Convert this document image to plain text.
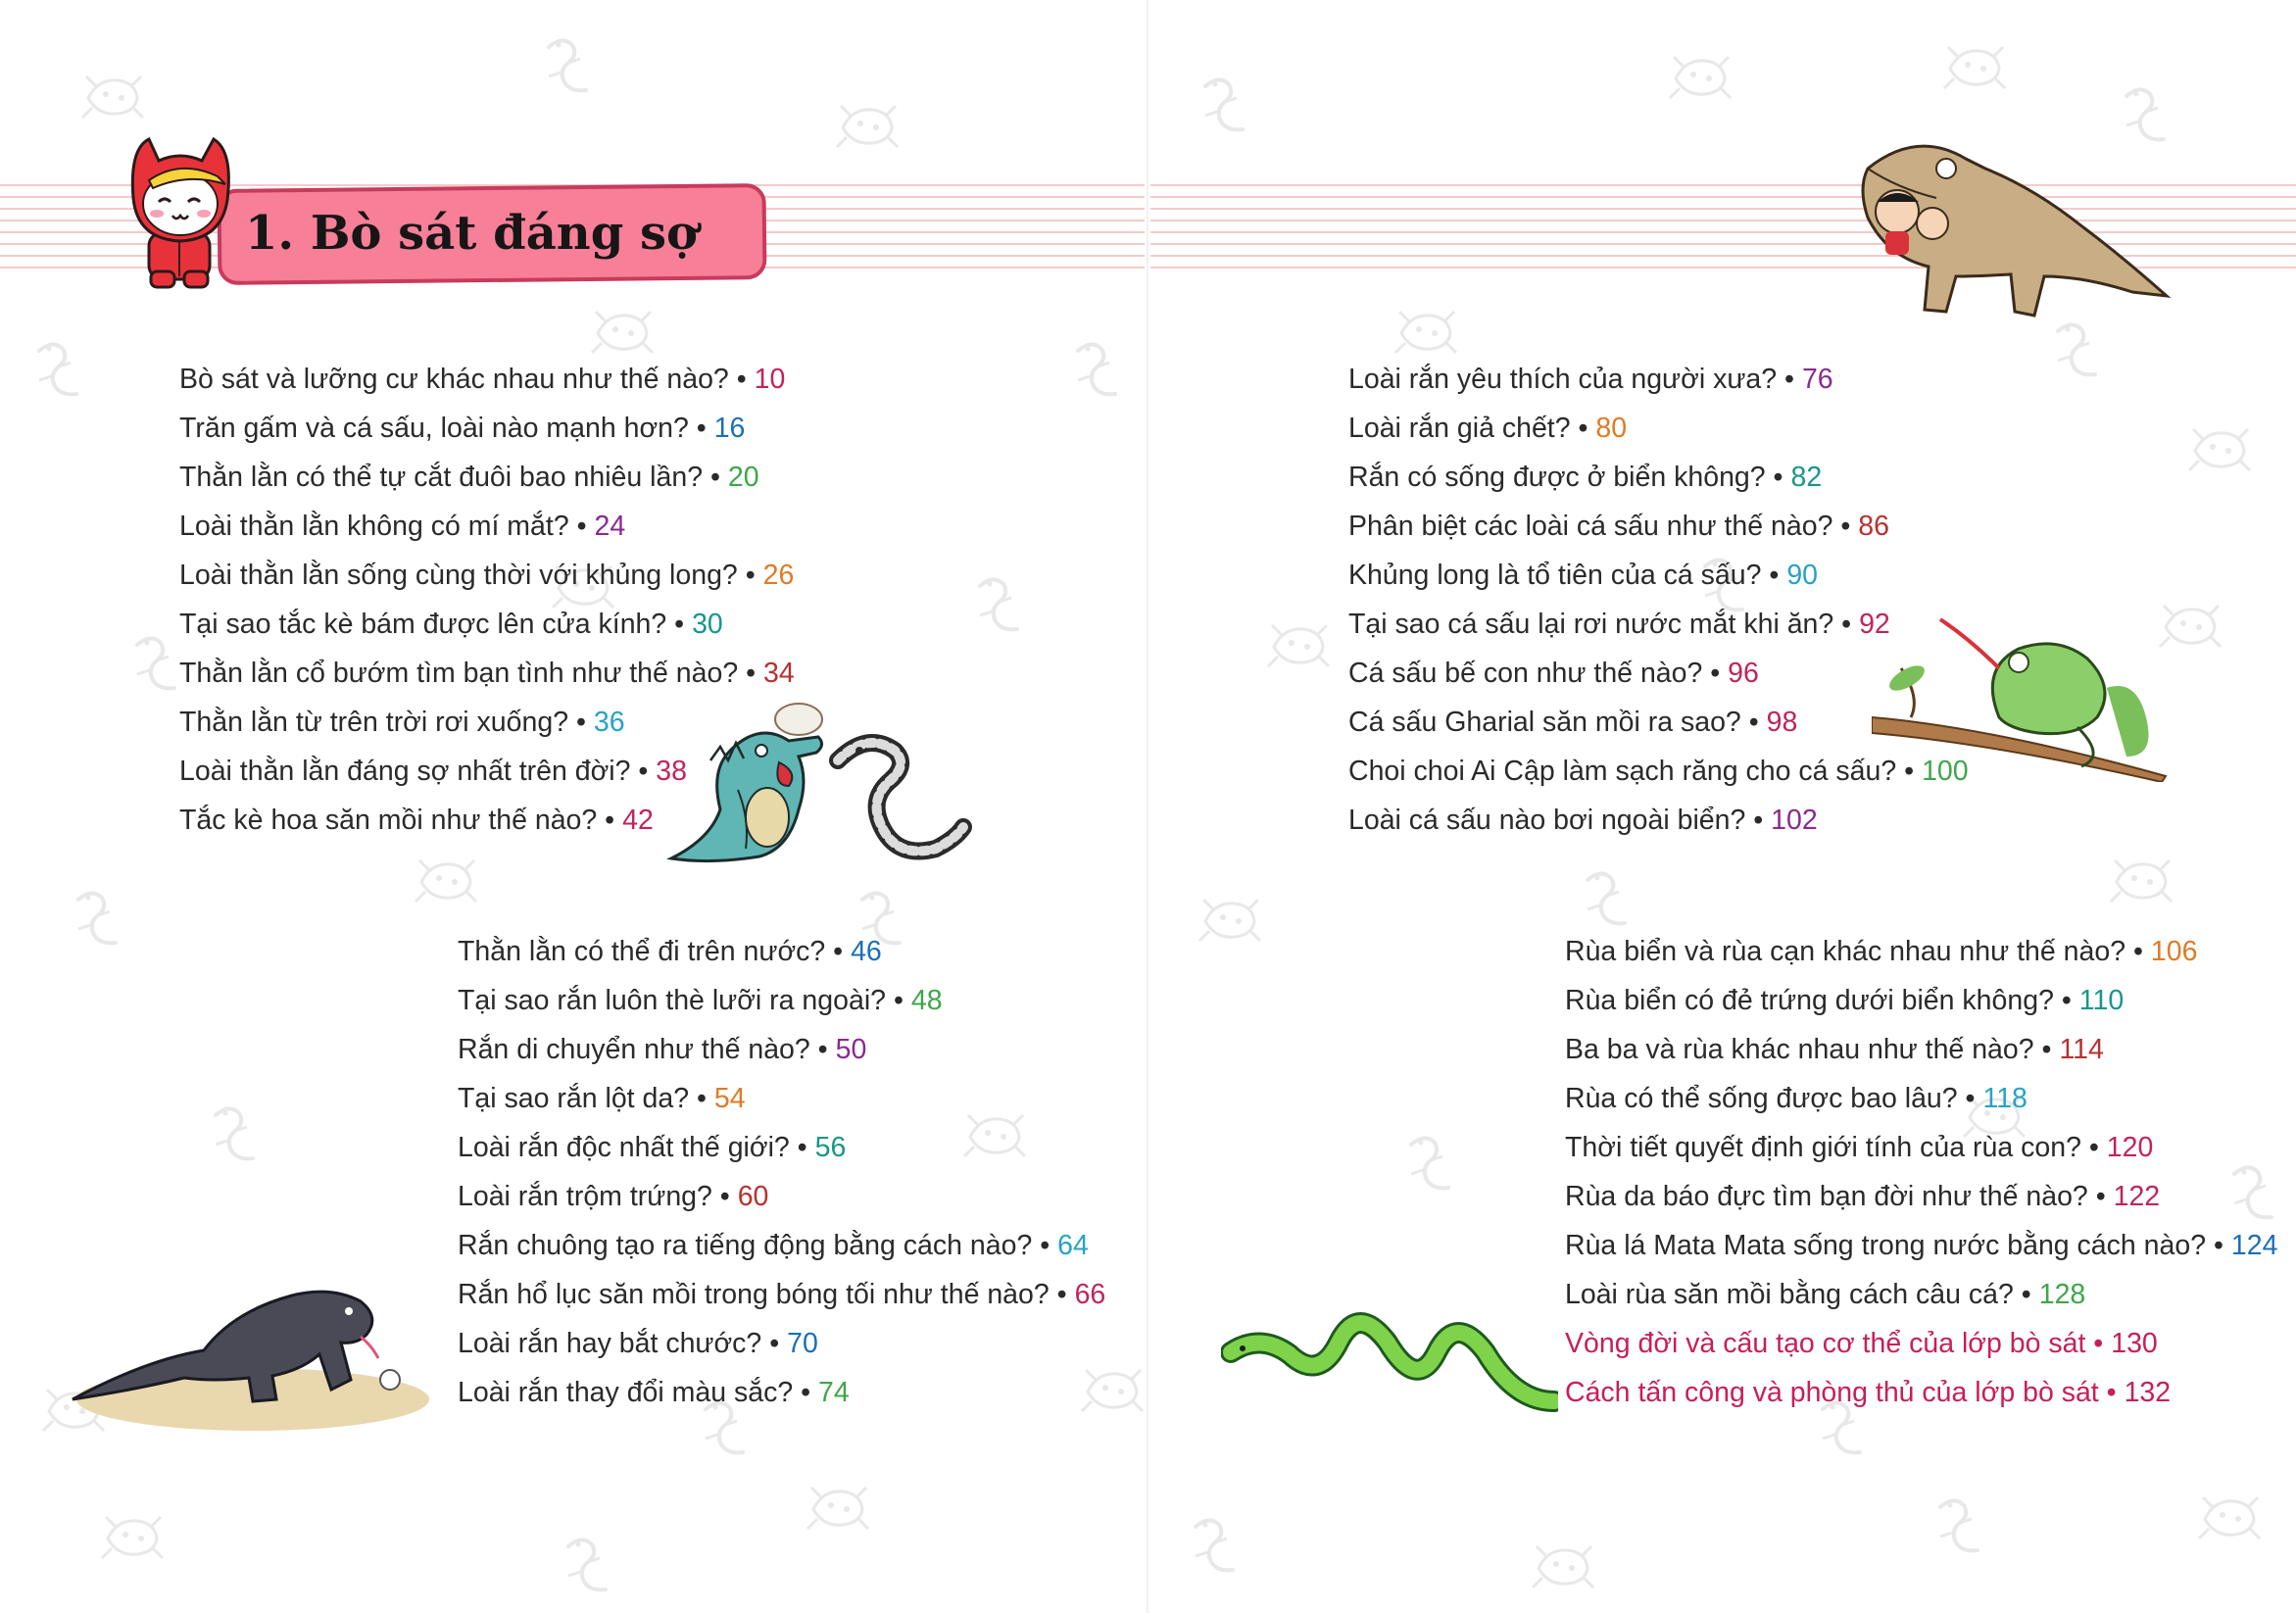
1. Bò sát đáng sợ
Bò sát và lưỡng cư khác nhau như thế nào? • 10
Trăn gấm và cá sấu, loài nào mạnh hơn? • 16
Thằn lằn có thể tự cắt đuôi bao nhiêu lần? • 20
Loài thằn lằn không có mí mắt? • 24
Loài thằn lằn sống cùng thời với khủng long? • 26
Tại sao tắc kè bám được lên cửa kính? • 30
Thằn lằn cổ bướm tìm bạn tình như thế nào? • 34
Thằn lằn từ trên trời rơi xuống? • 36
Loài thằn lằn đáng sợ nhất trên đời? • 38
Tắc kè hoa săn mồi như thế nào? • 42
Thằn lằn có thể đi trên nước? • 46
Tại sao rắn luôn thè lưỡi ra ngoài? • 48
Rắn di chuyển như thế nào? • 50
Tại sao rắn lột da? • 54
Loài rắn độc nhất thế giới? • 56
Loài rắn trộm trứng? • 60
Rắn chuông tạo ra tiếng động bằng cách nào? • 64
Rắn hổ lục săn mồi trong bóng tối như thế nào? • 66
Loài rắn hay bắt chước? • 70
Loài rắn thay đổi màu sắc? • 74
Loài rắn yêu thích của người xưa? • 76
Loài rắn giả chết? • 80
Rắn có sống được ở biển không? • 82
Phân biệt các loài cá sấu như thế nào? • 86
Khủng long là tổ tiên của cá sấu? • 90
Tại sao cá sấu lại rơi nước mắt khi ăn? • 92
Cá sấu bế con như thế nào? • 96
Cá sấu Gharial săn mồi ra sao? • 98
Choi choi Ai Cập làm sạch răng cho cá sấu? • 100
Loài cá sấu nào bơi ngoài biển? • 102
Rùa biển và rùa cạn khác nhau như thế nào? • 106
Rùa biển có đẻ trứng dưới biển không? • 110
Ba ba và rùa khác nhau như thế nào? • 114
Rùa có thể sống được bao lâu? • 118
Thời tiết quyết định giới tính của rùa con? • 120
Rùa da báo đực tìm bạn đời như thế nào? • 122
Rùa lá Mata Mata sống trong nước bằng cách nào? • 124
Loài rùa săn mồi bằng cách câu cá? • 128
Vòng đời và cấu tạo cơ thể của lớp bò sát • 130
Cách tấn công và phòng thủ của lớp bò sát • 132
